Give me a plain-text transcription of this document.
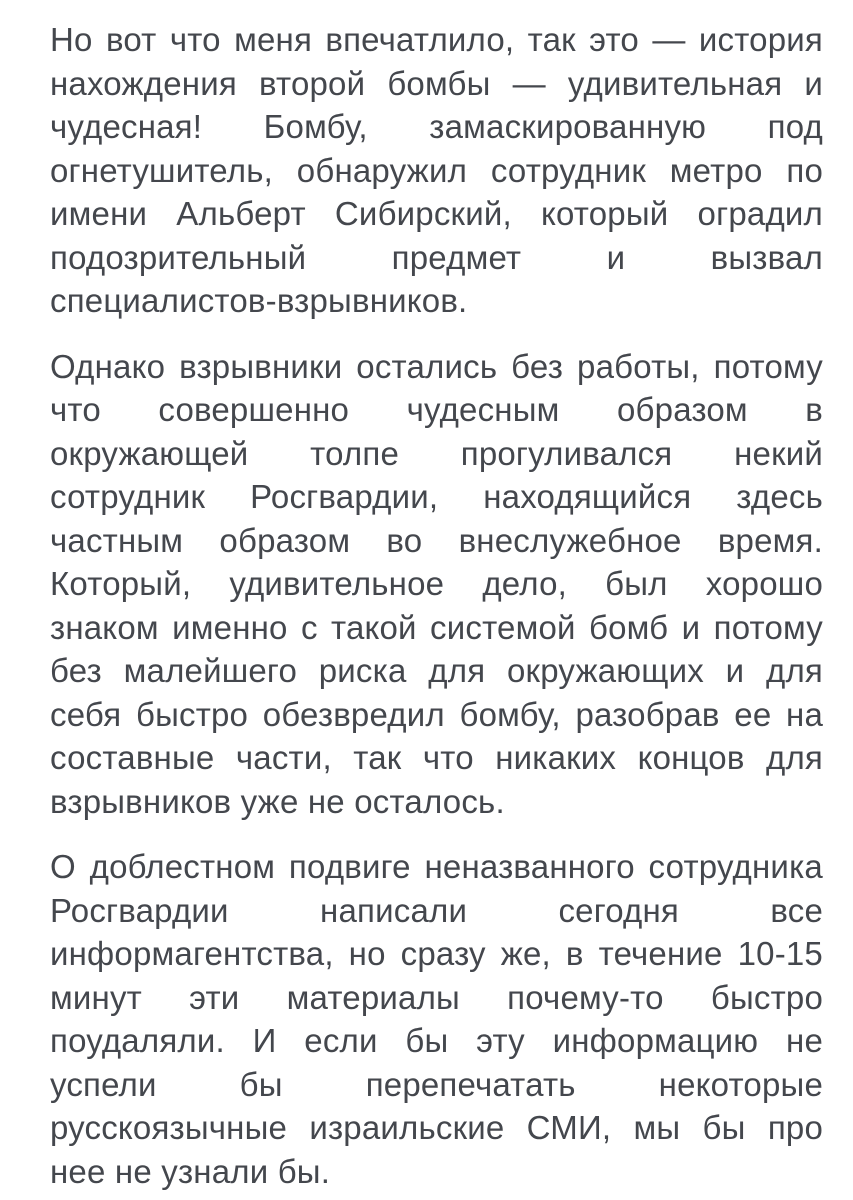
Но вот что меня впечатлило, так это — история нахождения второй бомбы — удивительная и чудесная! Бомбу, замаскированную под огнетушитель, обнаружил сотрудник метро по имени Альберт Сибирский, который оградил подозрительный предмет и вызвал специалистов-взрывников.

Однако взрывники остались без работы, потому что совершенно чудесным образом в окружающей толпе прогуливался некий сотрудник Росгвардии, находящийся здесь частным образом во внеслужебное время. Который, удивительное дело, был хорошо знаком именно с такой системой бомб и потому без малейшего риска для окружающих и для себя быстро обезвредил бомбу, разобрав ее на составные части, так что никаких концов для взрывников уже не осталось.

О доблестном подвиге неназванного сотрудника Росгвардии написали сегодня все информагентства, но сразу же, в течение 10-15 минут эти материалы почему-то быстро поудаляли. И если бы эту информацию не успели бы перепечатать некоторые русскоязычные израильские СМИ, мы бы про нее не узнали бы.
